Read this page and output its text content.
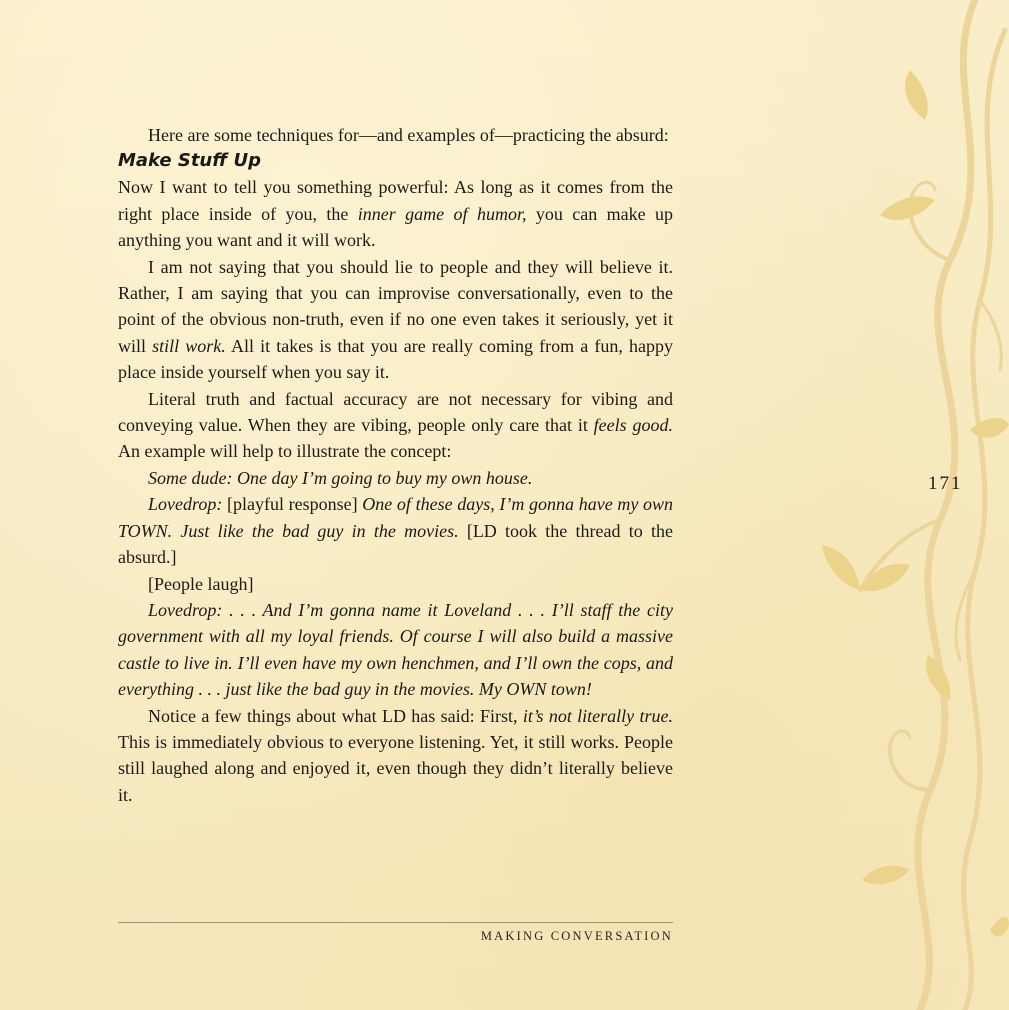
Here are some techniques for—and examples of—practicing the absurd:

Make Stuff Up

Now I want to tell you something powerful: As long as it comes from the right place inside of you, the inner game of humor, you can make up anything you want and it will work.

I am not saying that you should lie to people and they will believe it. Rather, I am saying that you can improvise conversationally, even to the point of the obvious non-truth, even if no one even takes it seriously, yet it will still work. All it takes is that you are really coming from a fun, happy place inside yourself when you say it.

Literal truth and factual accuracy are not necessary for vibing and conveying value. When they are vibing, people only care that it feels good. An example will help to illustrate the concept:

Some dude: One day I’m going to buy my own house.

Lovedrop: [playful response] One of these days, I’m gonna have my own TOWN. Just like the bad guy in the movies. [LD took the thread to the absurd.]

[People laugh]

Lovedrop: . . . And I’m gonna name it Loveland . . . I’ll staff the city government with all my loyal friends. Of course I will also build a massive castle to live in. I’ll even have my own henchmen, and I’ll own the cops, and everything . . . just like the bad guy in the movies. My OWN town!

Notice a few things about what LD has said: First, it’s not literally true. This is immediately obvious to everyone listening. Yet, it still works. People still laughed along and enjoyed it, even though they didn’t literally believe it.

171
MAKING CONVERSATION
